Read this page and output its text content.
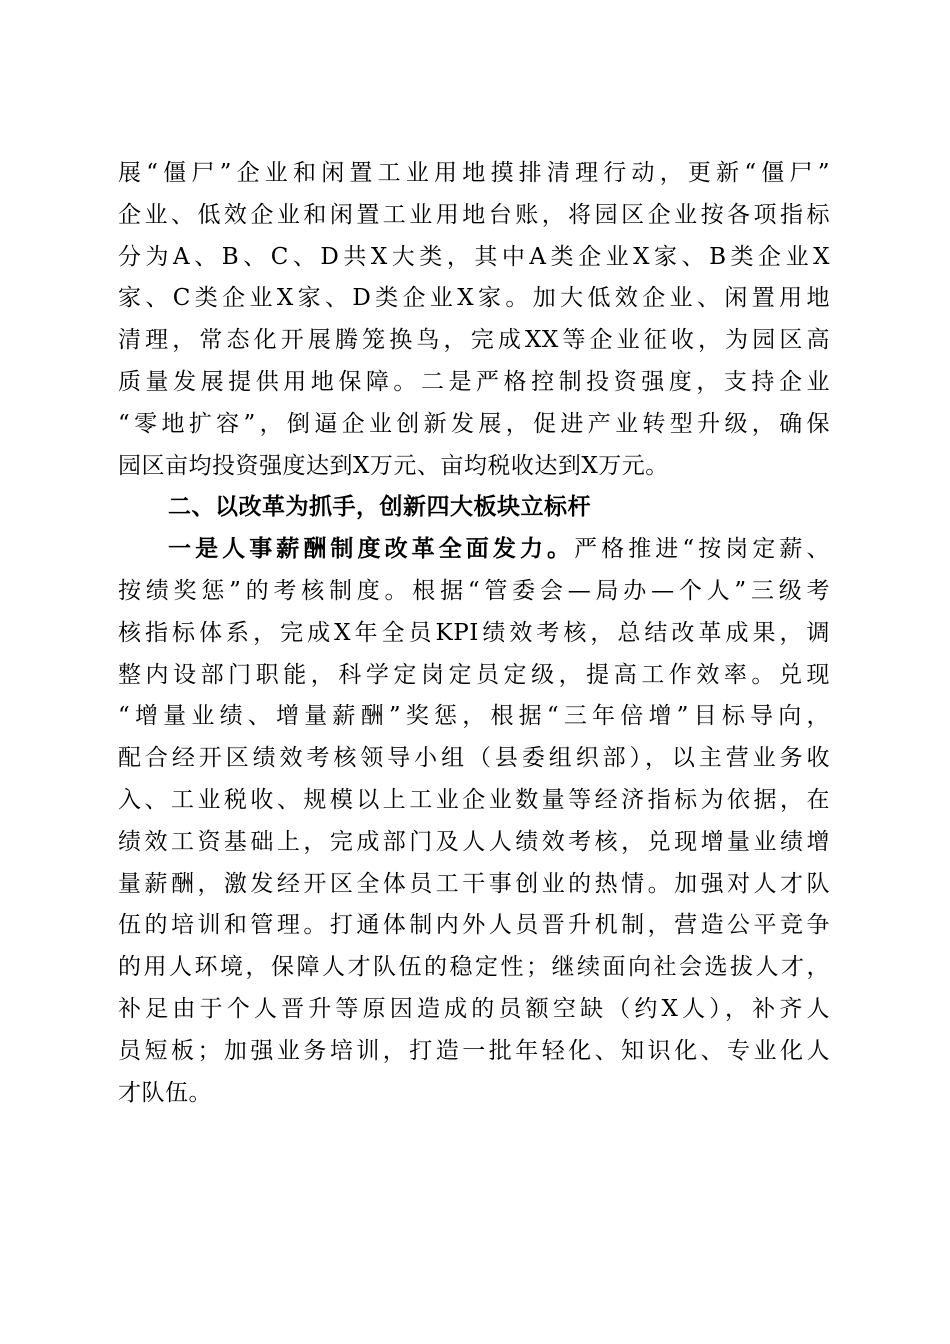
展“僵尸”企业和闲置工业用地摸排清理行动，更新“僵尸”
企业、低效企业和闲置工业用地台账，将园区企业按各项指标
分为A、B、C、D共X大类，其中A类企业X家、B类企业X
家、C类企业X家、D类企业X家。加大低效企业、闲置用地
清理，常态化开展腾笼换鸟，完成XX等企业征收，为园区高
质量发展提供用地保障。二是严格控制投资强度，支持企业
“零地扩容”，倒逼企业创新发展，促进产业转型升级，确保
园区亩均投资强度达到X万元、亩均税收达到X万元。
二、以改革为抓手，创新四大板块立标杆
一是人事薪酬制度改革全面发力。严格推进“按岗定薪、
按绩奖惩”的考核制度。根据“管委会—局办—个人”三级考
核指标体系，完成X年全员KPI绩效考核，总结改革成果，调
整内设部门职能，科学定岗定员定级，提高工作效率。兑现
“增量业绩、增量薪酬”奖惩，根据“三年倍增”目标导向，
配合经开区绩效考核领导小组（县委组织部），以主营业务收
入、工业税收、规模以上工业企业数量等经济指标为依据，在
绩效工资基础上，完成部门及人人绩效考核，兑现增量业绩增
量薪酬，激发经开区全体员工干事创业的热情。加强对人才队
伍的培训和管理。打通体制内外人员晋升机制，营造公平竞争
的用人环境，保障人才队伍的稳定性；继续面向社会选拔人才，
补足由于个人晋升等原因造成的员额空缺（约X人），补齐人
员短板；加强业务培训，打造一批年轻化、知识化、专业化人
才队伍。
